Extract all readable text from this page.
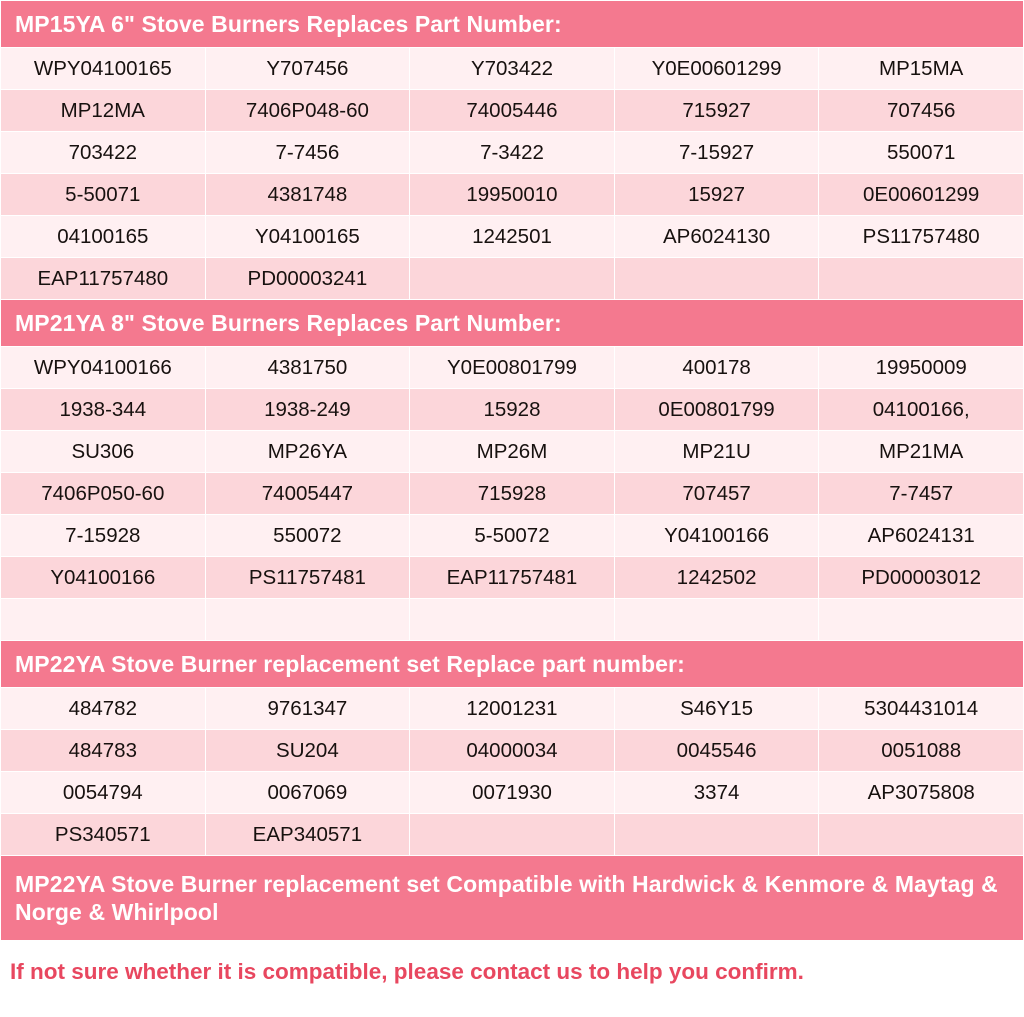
MP15YA 6" Stove Burners Replaces Part Number:				
WPY04100165	Y707456	Y703422	Y0E00601299	MP15MA
MP12MA	7406P048-60	74005446	715927	707456
703422	7-7456	7-3422	7-15927	550071
5-50071	4381748	19950010	15927	0E00601299
04100165	Y04100165	1242501	AP6024130	PS11757480
EAP11757480	PD00003241			
MP21YA 8" Stove Burners Replaces Part Number:				
WPY04100166	4381750	Y0E00801799	400178	19950009
1938-344	1938-249	15928	0E00801799	04100166,
SU306	MP26YA	MP26M	MP21U	MP21MA
7406P050-60	74005447	715928	707457	7-7457
7-15928	550072	5-50072	Y04100166	AP6024131
Y04100166	PS11757481	EAP11757481	1242502	PD00003012

MP22YA Stove Burner replacement set Replace part number:				
484782	9761347	12001231	S46Y15	5304431014
484783	SU204	04000034	0045546	0051088
0054794	0067069	0071930	3374	AP3075808
PS340571	EAP340571			
MP22YA Stove Burner replacement set Compatible with Hardwick & Kenmore & Maytag & Norge & Whirlpool				
If not sure whether it is compatible, please contact us to help you confirm.
